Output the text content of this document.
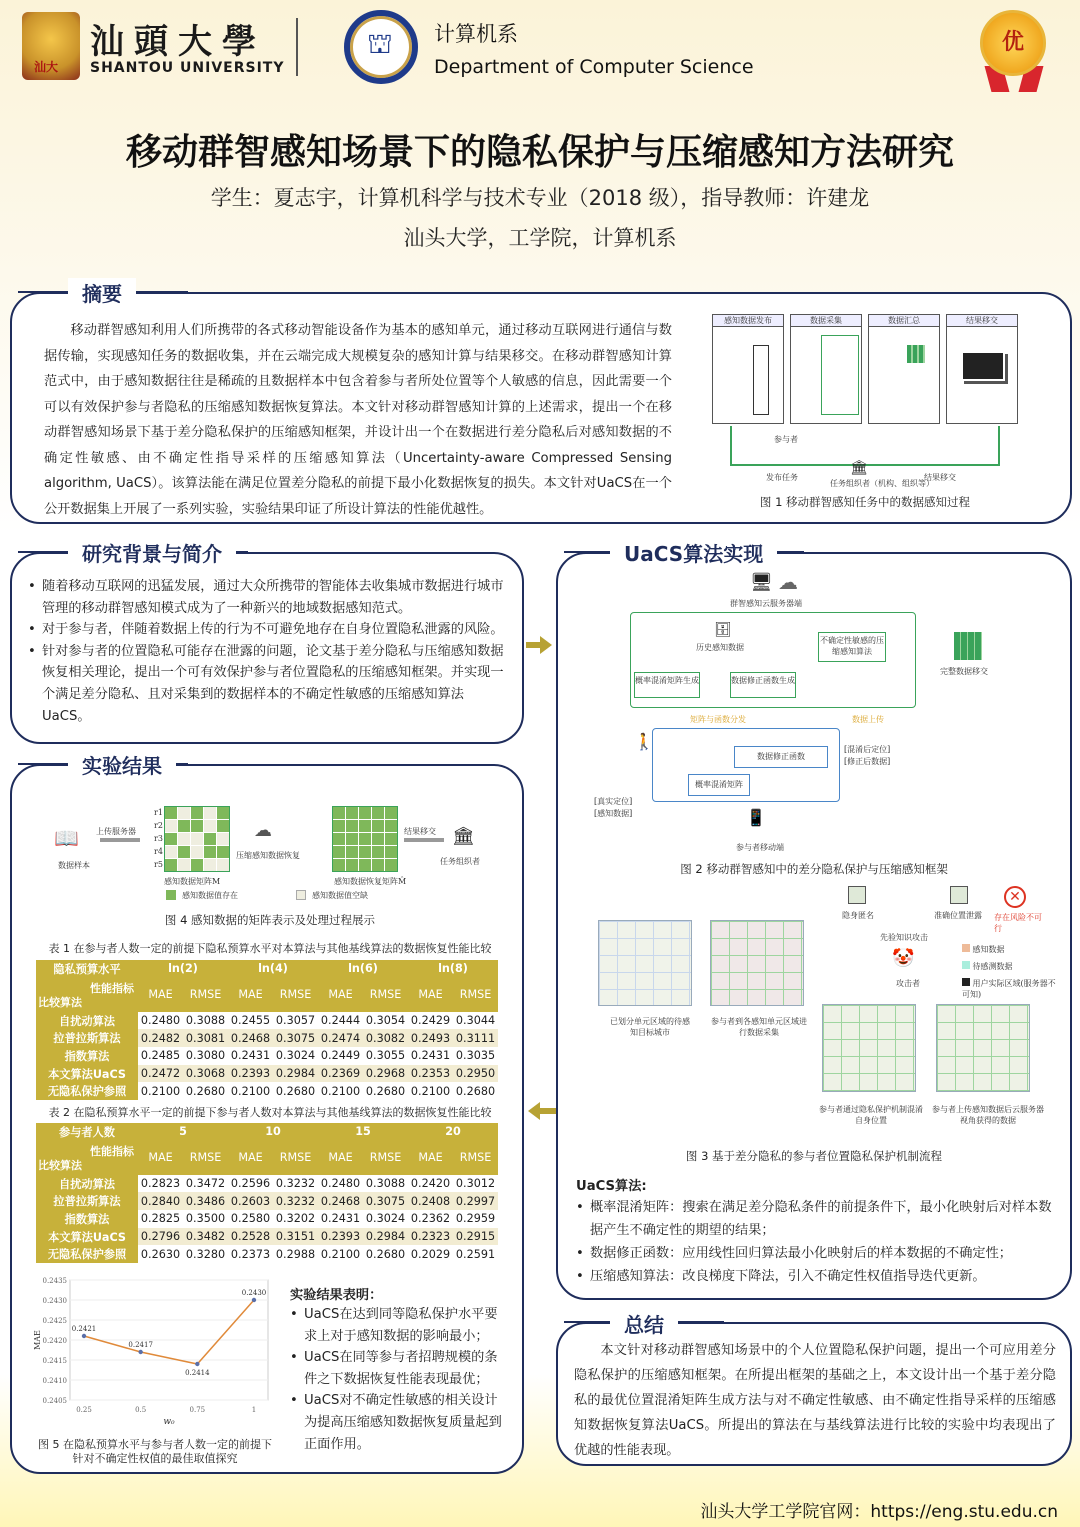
汕大
汕頭大學
SHANTOU UNIVERSITY
⛫
计算机系
Department of Computer Science
优
移动群智感知场景下的隐私保护与压缩感知方法研究
学生：夏志宇，计算机科学与技术专业（2018 级），指导教师：许建龙
汕头大学，工学院，计算机系
摘要
移动群智感知利用人们所携带的各式移动智能设备作为基本的感知单元，通过移动互联网进行通信与数据传输，实现感知任务的数据收集，并在云端完成大规模复杂的感知计算与结果移交。在移动群智感知计算范式中，由于感知数据往往是稀疏的且数据样本中包含着参与者所处位置等个人敏感的信息，因此需要一个可以有效保护参与者隐私的压缩感知数据恢复算法。本文针对移动群智感知计算的上述需求，提出一个在移动群智感知场景下基于差分隐私保护的压缩感知框架，并设计出一个在数据进行差分隐私后对感知数据的不确定性敏感、由不确定性指导采样的压缩感知算法（Uncertainty-aware Compressed Sensing algorithm, UaCS）。该算法能在满足位置差分隐私的前提下最小化数据恢复的损失。本文针对UaCS在一个公开数据集上开展了一系列实验，实验结果印证了所设计算法的性能优越性。
感知数据发布	数据采集	数据汇总	结果移交
参与者
发布任务
🏛
任务组织者（机构、组织等）
结果移交
图 1 移动群智感知任务中的数据感知过程
研究背景与简介
• 随着移动互联网的迅猛发展，通过大众所携带的智能体去收集城市数据进行城市管理的移动群智感知模式成为了一种新兴的地域数据感知范式。
• 对于参与者，伴随着数据上传的行为不可避免地存在自身位置隐私泄露的风险。
• 针对参与者的位置隐私可能存在泄露的问题，论文基于差分隐私与压缩感知数据恢复相关理论，提出一个可有效保护参与者位置隐私的压缩感知框架。并实现一个满足差分隐私、且对采集到的数据样本的不确定性敏感的压缩感知算法UaCS。
实验结果
📖
数据样本
上传服务器
r1
r2
r3
r4
r5
感知数据矩阵M
☁
压缩感知数据恢复
感知数据恢复矩阵M̂
结果移交 🏛
任务组织者
感知数据值存在	感知数据值空缺
图 4 感知数据的矩阵表示及处理过程展示
表 1 在参与者人数一定的前提下隐私预算水平对本算法与其他基线算法的数据恢复性能比较
隐私预算水平	ln(2)		ln(4)		ln(6)		ln(8)	

性能指标
比较算法	MAE	RMSE	MAE	RMSE	MAE	RMSE	MAE	RMSE
自扰动算法	0.2480	0.3088	0.2455	0.3057	0.2444	0.3054	0.2429	0.3044
拉普拉斯算法	0.2482	0.3081	0.2468	0.3075	0.2474	0.3082	0.2493	0.3111
指数算法	0.2485	0.3080	0.2431	0.3024	0.2449	0.3055	0.2431	0.3035
本文算法UaCS	0.2472	0.3068	0.2393	0.2984	0.2369	0.2968	0.2353	0.2950
无隐私保护参照	0.2100	0.2680	0.2100	0.2680	0.2100	0.2680	0.2100	0.2680
表 2 在隐私预算水平一定的前提下参与者人数对本算法与其他基线算法的数据恢复性能比较
参与者人数	5		10		15		20	

性能指标
比较算法	MAE	RMSE	MAE	RMSE	MAE	RMSE	MAE	RMSE
自扰动算法	0.2823	0.3472	0.2596	0.3232	0.2480	0.3088	0.2420	0.3012
拉普拉斯算法	0.2840	0.3486	0.2603	0.3232	0.2468	0.3075	0.2408	0.2997
指数算法	0.2825	0.3500	0.2580	0.3202	0.2431	0.3024	0.2362	0.2959
本文算法UaCS	0.2796	0.3482	0.2528	0.3151	0.2393	0.2984	0.2323	0.2915
无隐私保护参照	0.2630	0.3280	0.2373	0.2988	0.2100	0.2680	0.2029	0.2591
0.2435
0.2430
0.2425
0.2420
0.2415
0.2410
0.2405
0.25	0.5	0.75	1
MAE
w₀
0.2421
0.2417
0.2414
0.2430
图 5 在隐私预算水平与参与者人数一定的前提下
针对不确定性权值的最佳取值探究
实验结果表明：
• UaCS在达到同等隐私保护水平要求上对于感知数据的影响最小；
• UaCS在同等参与者招聘规模的条件之下数据恢复性能表现最优；
• UaCS对不确定性敏感的相关设计为提高压缩感知数据恢复质量起到正面作用。
UaCS算法实现
🖥 ☁
群智感知云服务器端
🗄
历史感知数据
不确定性敏感的压缩感知算法
完整数据移交
概率混淆矩阵生成	数据修正函数生成
矩阵与函数分发	数据上传
🚶
数据修正函数
概率混淆矩阵
[混淆后定位]
[修正后数据]
[真实定位]
[感知数据]	📱
参与者移动端
图 2 移动群智感知中的差分隐私保护与压缩感知框架
隐身匿名	准确位置泄露
✕
存在风险不可行
先验知识攻击
🤡
攻击者
感知数据
待感测数据
用户实际区域(服务器不可知)
已划分单元区域的待感知目标城市
参与者到各感知单元区域进行数据采集
参与者通过隐私保护机制混淆自身位置
参与者上传感知数据后云服务器视角获得的数据
图 3 基于差分隐私的参与者位置隐私保护机制流程
UaCS算法:
• 概率混淆矩阵：搜索在满足差分隐私条件的前提条件下，最小化映射后对样本数据产生不确定性的期望的结果；
• 数据修正函数：应用线性回归算法最小化映射后的样本数据的不确定性；
• 压缩感知算法：改良梯度下降法，引入不确定性权值指导迭代更新。
总结
本文针对移动群智感知场景中的个人位置隐私保护问题，提出一个可应用差分隐私保护的压缩感知框架。在所提出框架的基础之上，本文设计出一个基于差分隐私的最优位置混淆矩阵生成方法与对不确定性敏感、由不确定性指导采样的压缩感知数据恢复算法UaCS。所提出的算法在与基线算法进行比较的实验中均表现出了优越的性能表现。
汕头大学工学院官网：https://eng.stu.edu.cn
